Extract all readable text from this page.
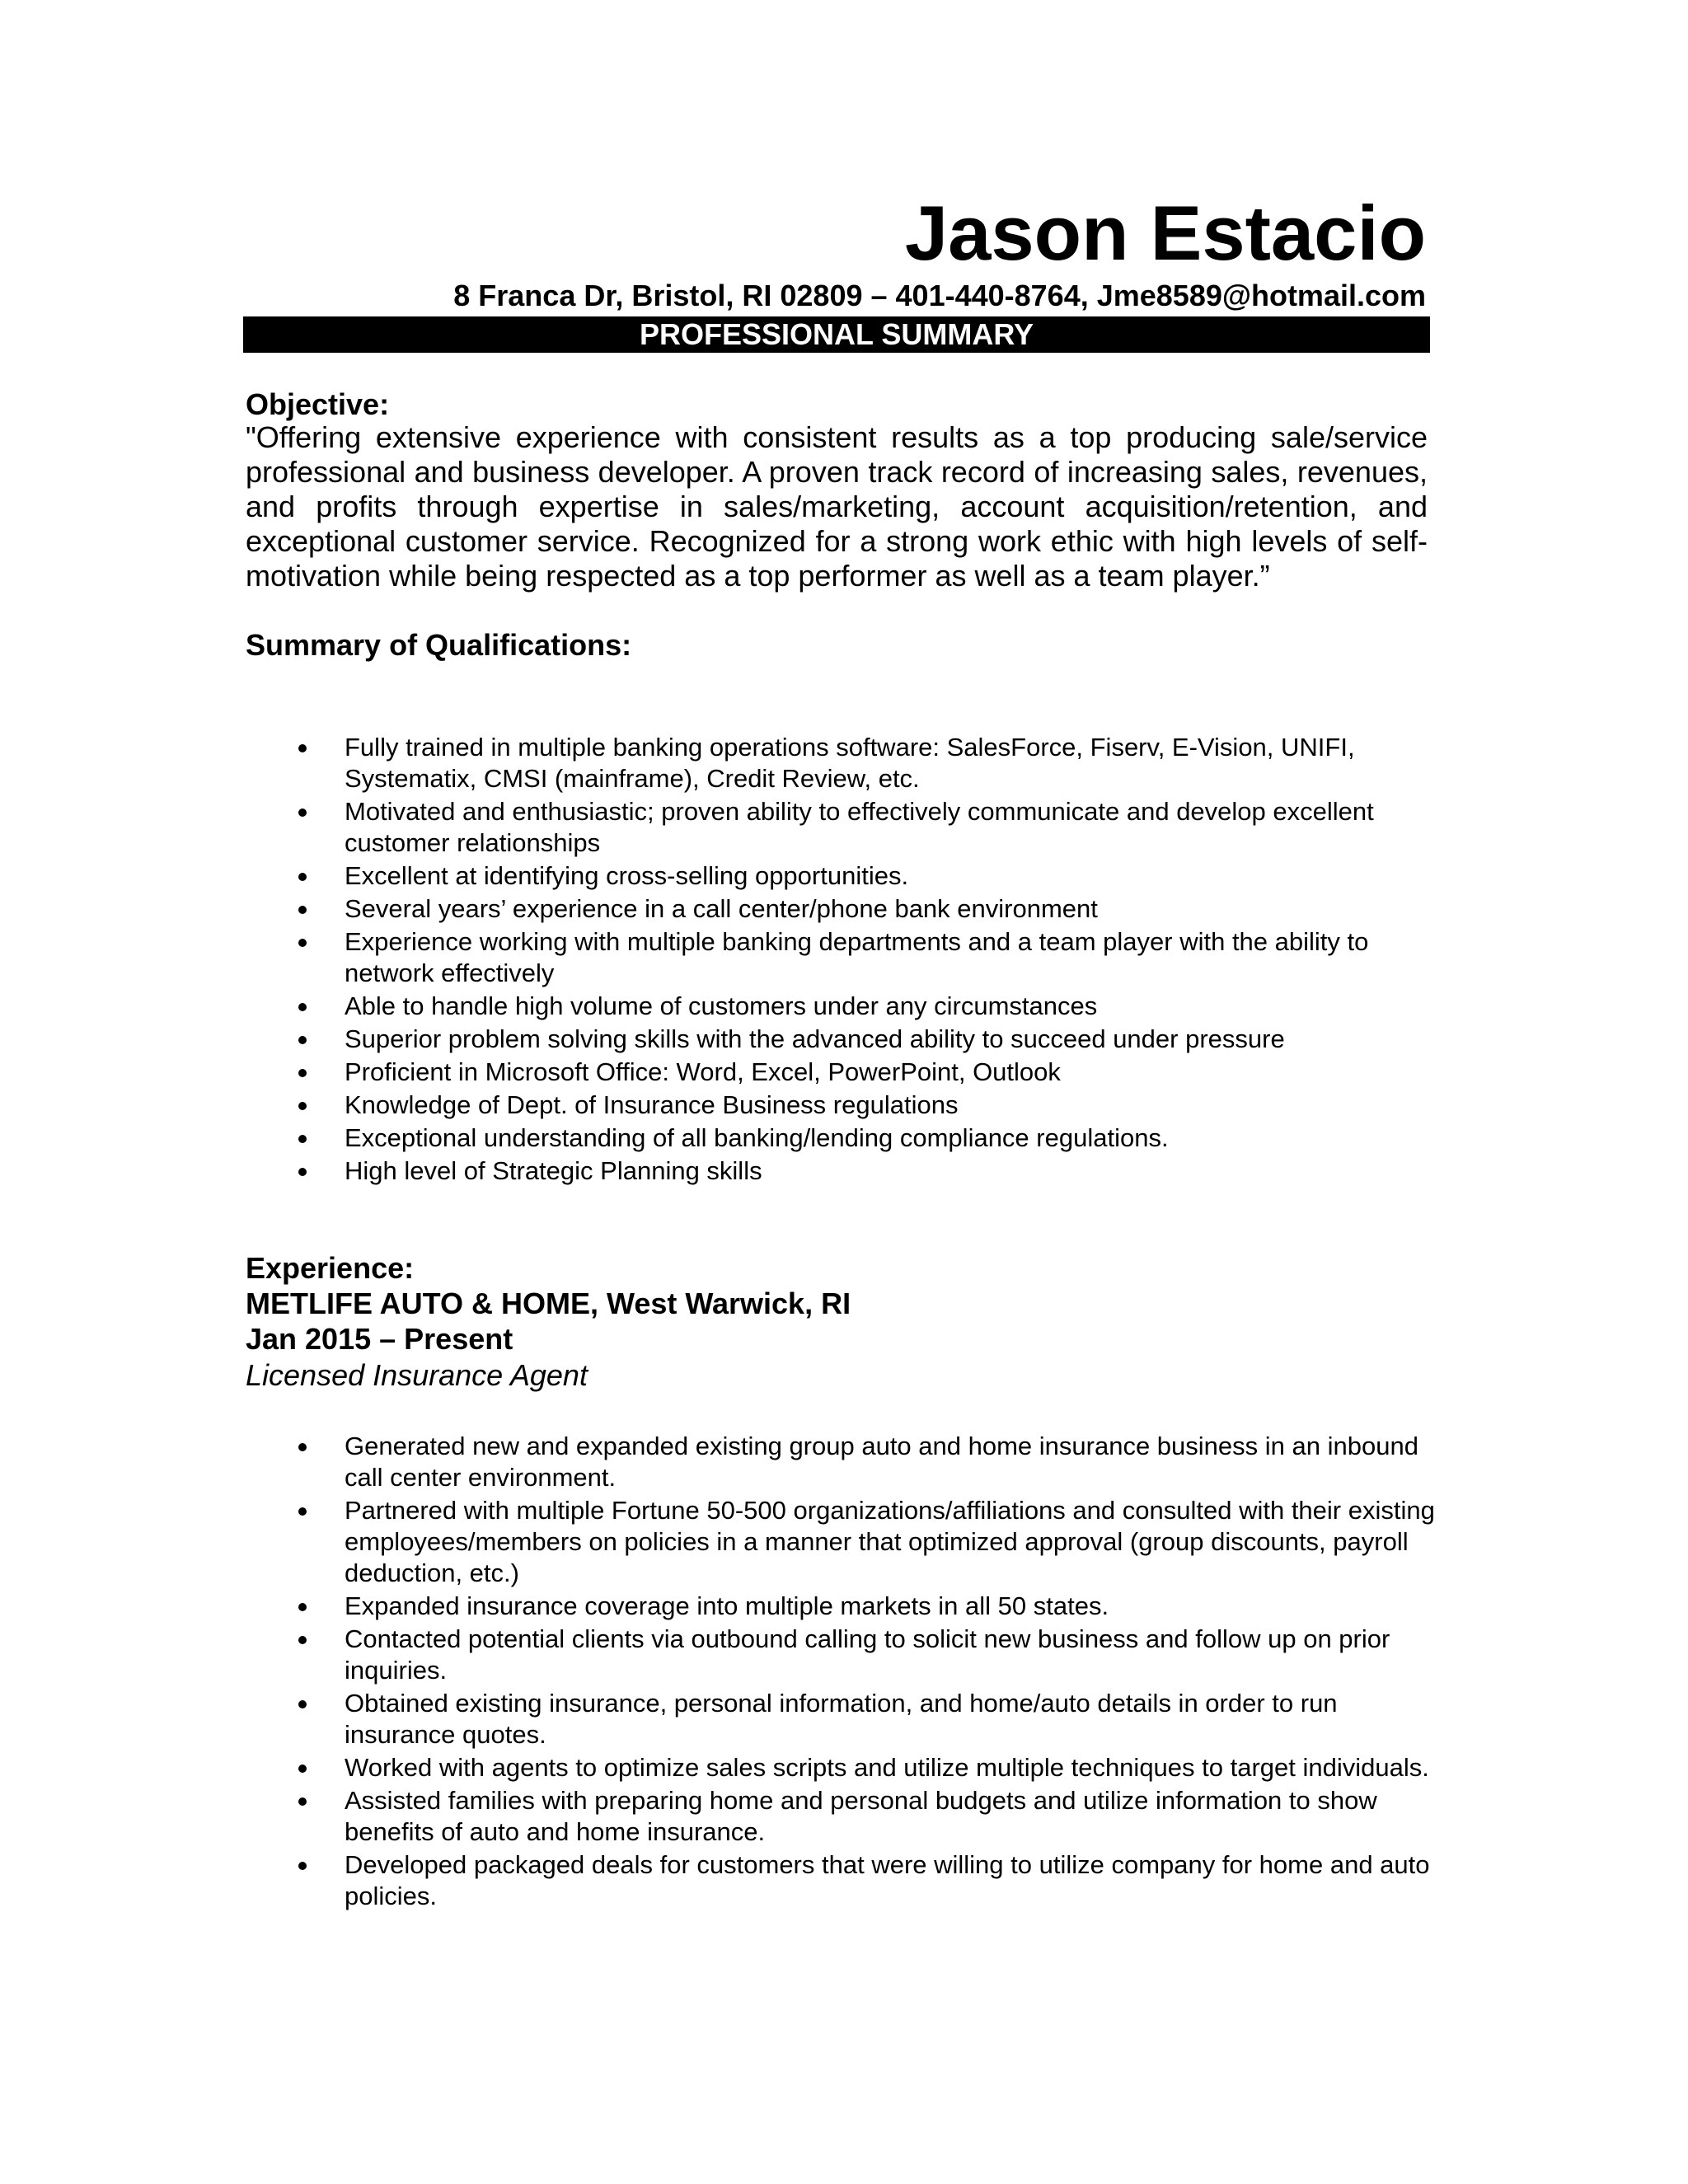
Jason Estacio
8 Franca Dr, Bristol, RI 02809 – 401-440-8764, Jme8589@hotmail.com
PROFESSIONAL SUMMARY
Objective:
"Offering extensive experience with consistent results as a top producing sale/service professional and business developer. A proven track record of increasing sales, revenues, and profits through expertise in sales/marketing, account acquisition/retention, and exceptional customer service. Recognized for a strong work ethic with high levels of self-motivation while being respected as a top performer as well as a team player.”
Summary of Qualifications:
Fully trained in multiple banking operations software: SalesForce, Fiserv, E-Vision, UNIFI, Systematix, CMSI (mainframe), Credit Review, etc.
Motivated and enthusiastic; proven ability to effectively communicate and develop excellent customer relationships
Excellent at identifying cross-selling opportunities.
Several years’ experience in a call center/phone bank environment
Experience working with multiple banking departments and a team player with the ability to network effectively
Able to handle high volume of customers under any circumstances
Superior problem solving skills with the advanced ability to succeed under pressure
Proficient in Microsoft Office: Word, Excel, PowerPoint, Outlook
Knowledge of Dept. of Insurance Business regulations
Exceptional understanding of all banking/lending compliance regulations.
High level of Strategic Planning skills
Experience:
METLIFE AUTO & HOME, West Warwick, RI
Jan 2015 – Present
Licensed Insurance Agent
Generated new and expanded existing group auto and home insurance business in an inbound call center environment.
Partnered with multiple Fortune 50-500 organizations/affiliations and consulted with their existing employees/members on policies in a manner that optimized approval (group discounts, payroll deduction, etc.)
Expanded insurance coverage into multiple markets in all 50 states.
Contacted potential clients via outbound calling to solicit new business and follow up on prior inquiries.
Obtained existing insurance, personal information, and home/auto details in order to run insurance quotes.
Worked with agents to optimize sales scripts and utilize multiple techniques to target individuals.
Assisted families with preparing home and personal budgets and utilize information to show benefits of auto and home insurance.
Developed packaged deals for customers that were willing to utilize company for home and auto policies.
